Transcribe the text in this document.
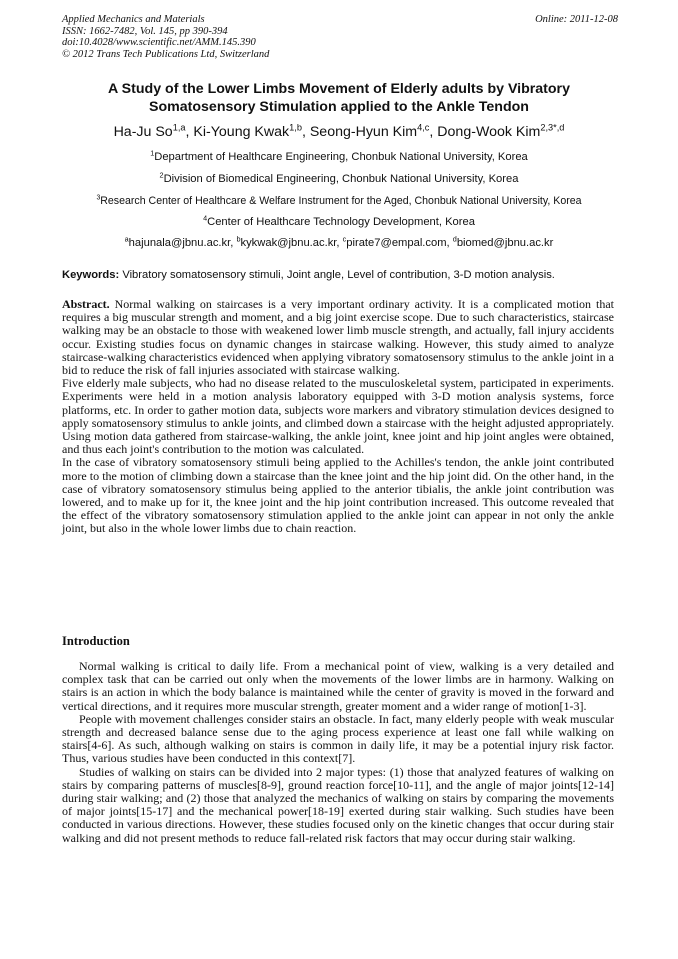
Applied Mechanics and Materials
ISSN: 1662-7482, Vol. 145, pp 390-394
doi:10.4028/www.scientific.net/AMM.145.390
© 2012 Trans Tech Publications Ltd, Switzerland
Online: 2011-12-08
A Study of the Lower Limbs Movement of Elderly adults by Vibratory
Somatosensory Stimulation applied to the Ankle Tendon
Ha-Ju So$^{1,a}$, Ki-Young Kwak$^{1,b}$, Seong-Hyun Kim$^{4,c}$, Dong-Wook Kim$^{2,3*,d}$
$^1$Department of Healthcare Engineering, Chonbuk National University, Korea
$^2$Division of Biomedical Engineering, Chonbuk National University, Korea
$^3$Research Center of Healthcare & Welfare Instrument for the Aged, Chonbuk National University, Korea
$^4$Center of Healthcare Technology Development, Korea
$^a$hajunala@jbnu.ac.kr, $^b$kykwak@jbnu.ac.kr, $^c$pirate7@empal.com, $^d$biomed@jbnu.ac.kr
Keywords: Vibratory somatosensory stimuli, Joint angle, Level of contribution, 3-D motion analysis.

Abstract. Normal walking on staircases is a very important ordinary activity. It is a complicated motion that requires a big muscular strength and moment, and a big joint exercise scope. Due to such characteristics, staircase walking may be an obstacle to those with weakened lower limb muscle strength, and actually, fall injury accidents occur. Existing studies focus on dynamic changes in staircase walking. However, this study aimed to analyze staircase-walking characteristics evidenced when applying vibratory somatosensory stimulus to the ankle joint in a bid to reduce the risk of fall injuries associated with staircase walking.

Five elderly male subjects, who had no disease related to the musculoskeletal system, participated in experiments. Experiments were held in a motion analysis laboratory equipped with 3-D motion analysis systems, force platforms, etc. In order to gather motion data, subjects wore markers and vibratory stimulation devices designed to apply somatosensory stimulus to ankle joints, and climbed down a staircase with the height adjusted appropriately. Using motion data gathered from staircase-walking, the ankle joint, knee joint and hip joint angles were obtained, and thus each joint's contribution to the motion was calculated.

In the case of vibratory somatosensory stimuli being applied to the Achilles's tendon, the ankle joint contributed more to the motion of climbing down a staircase than the knee joint and the hip joint did. On the other hand, in the case of vibratory somatosensory stimulus being applied to the anterior tibialis, the ankle joint contribution was lowered, and to make up for it, the knee joint and the hip joint contribution increased. This outcome revealed that the effect of the vibratory somatosensory stimulation applied to the ankle joint can appear in not only the ankle joint, but also in the whole lower limbs due to chain reaction.

Introduction

Normal walking is critical to daily life. From a mechanical point of view, walking is a very detailed and complex task that can be carried out only when the movements of the lower limbs are in harmony. Walking on stairs is an action in which the body balance is maintained while the center of gravity is moved in the forward and vertical directions, and it requires more muscular strength, greater moment and a wider range of motion[1-3].

People with movement challenges consider stairs an obstacle. In fact, many elderly people with weak muscular strength and decreased balance sense due to the aging process experience at least one fall while walking on stairs[4-6]. As such, although walking on stairs is common in daily life, it may be a potential injury risk factor. Thus, various studies have been conducted in this context[7].

Studies of walking on stairs can be divided into 2 major types: (1) those that analyzed features of walking on stairs by comparing patterns of muscles[8-9], ground reaction force[10-11], and the angle of major joints[12-14] during stair walking; and (2) those that analyzed the mechanics of walking on stairs by comparing the movements of major joints[15-17] and the mechanical power[18-19] exerted during stair walking. Such studies have been conducted in various directions. However, these studies focused only on the kinetic changes that occur during stair walking and did not present methods to reduce fall-related risk factors that may occur during stair walking.
